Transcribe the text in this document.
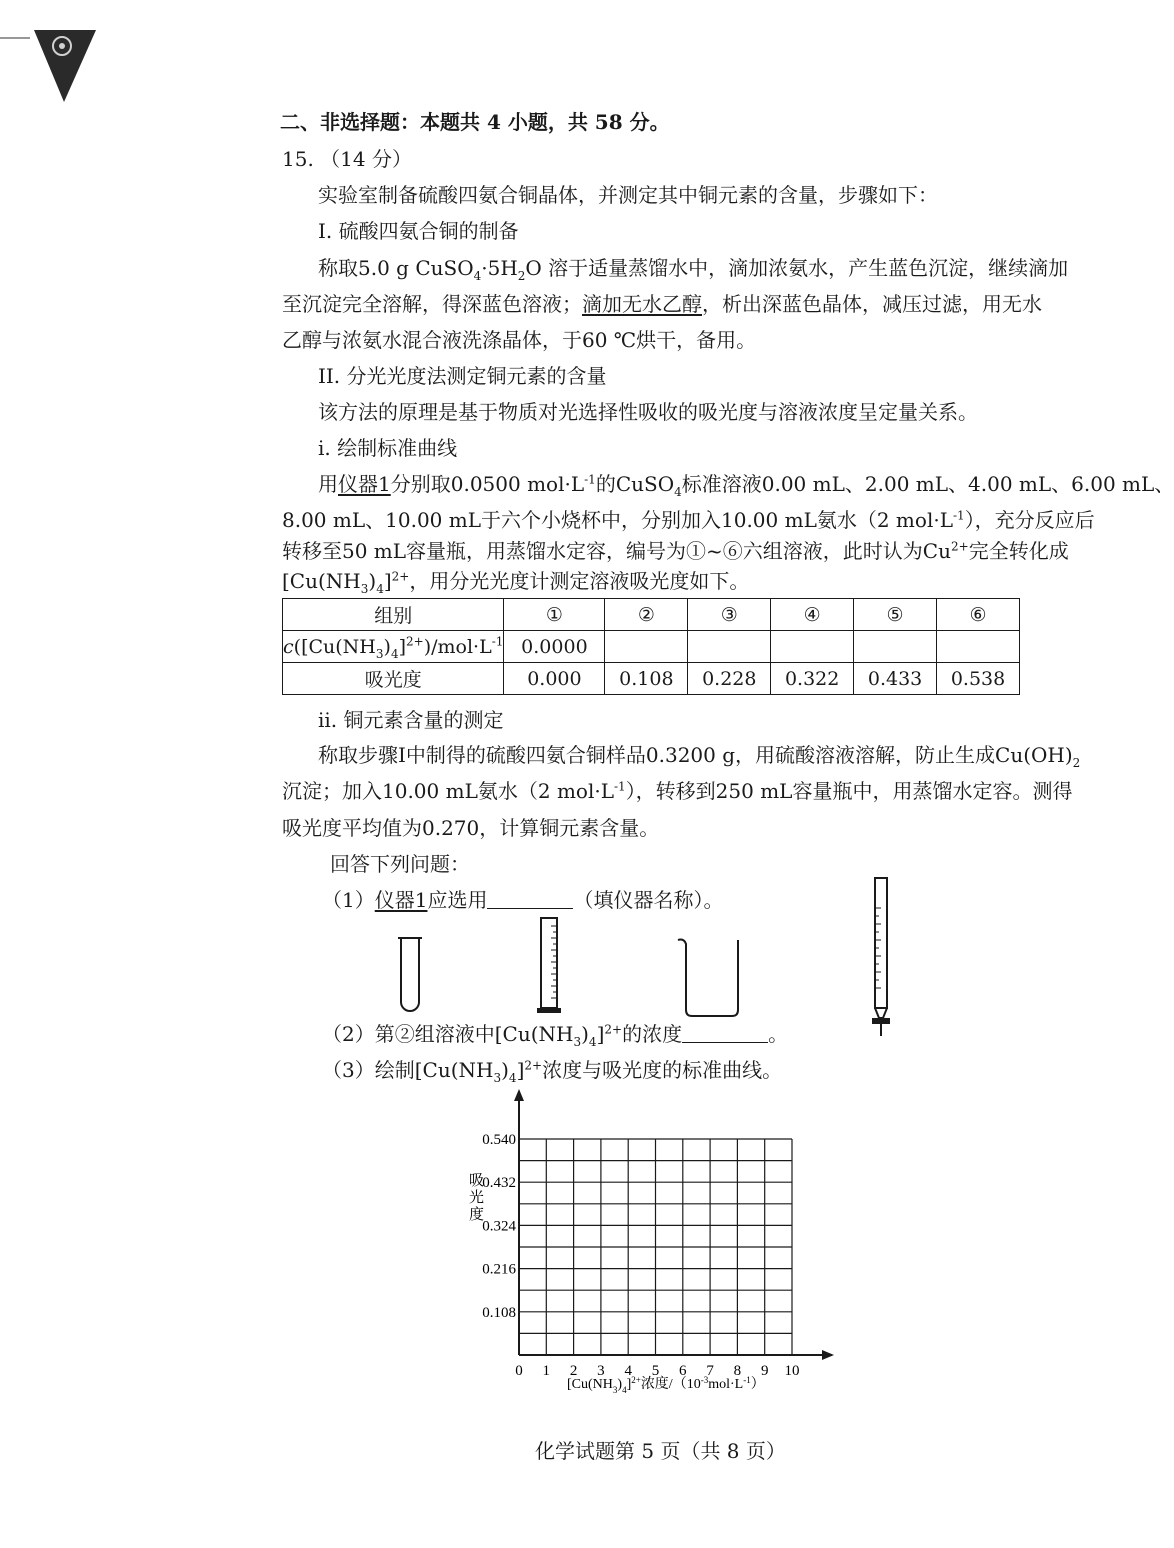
二、非选择题：本题共 4 小题，共 58 分。
15. （14 分）
实验室制备硫酸四氨合铜晶体，并测定其中铜元素的含量，步骤如下：
I. 硫酸四氨合铜的制备
称取5.0 g $CuSO_4\cdot 5H_2O$ 溶于适量蒸馏水中，滴加浓氨水，产生蓝色沉淀，继续滴加
至沉淀完全溶解，得深蓝色溶液；滴加无水乙醇，析出深蓝色晶体，减压过滤，用无水
乙醇与浓氨水混合液洗涤晶体，于60 ℃烘干，备用。
II. 分光光度法测定铜元素的含量
该方法的原理是基于物质对光选择性吸收的吸光度与溶液浓度呈定量关系。
i. 绘制标准曲线
用仪器1分别取0.0500 $mol\cdot L^{-1}$的CuSO$_4$标准溶液0.00 mL、2.00 mL、4.00 mL、6.00 mL、
8.00 mL、10.00 mL于六个小烧杯中，分别加入10.00 mL氨水（2 $mol\cdot L^{-1}$），充分反应后
转移至50 mL容量瓶，用蒸馏水定容，编号为①~⑥六组溶液，此时认为$Cu^{2+}$完全转化成
$[Cu(NH_3)_4]^{2+}$，用分光光度计测定溶液吸光度如下。
组别	①	②	③	④	⑤	⑥
$c([Cu(NH_3)_4]^{2+})/mol\cdot L^{-1}$	0.0000					
吸光度	0.000	0.108	0.228	0.322	0.433	0.538
ii. 铜元素含量的测定
称取步骤I中制得的硫酸四氨合铜样品0.3200 g，用硫酸溶液溶解，防止生成$Cu(OH)_2$
沉淀；加入10.00 mL氨水（2 $mol\cdot L^{-1}$），转移到250 mL容量瓶中，用蒸馏水定容。测得
吸光度平均值为0.270，计算铜元素含量。
回答下列问题：
（1）仪器1应选用	（填仪器名称）。
（2）第②组溶液中$[Cu(NH_3)_4]^{2+}$的浓度	。
（3）绘制$[Cu(NH_3)_4]^{2+}$浓度与吸光度的标准曲线。
0.108
0.216
0.324
0.432
0.540
0 1 2 3 4 5 6 7 8 9 10
吸光度
$[Cu(NH_3)_4]^{2+}$浓度$/(10^{-3}mol\cdot L^{-1})$
化学试题第 5 页（共 8 页）
